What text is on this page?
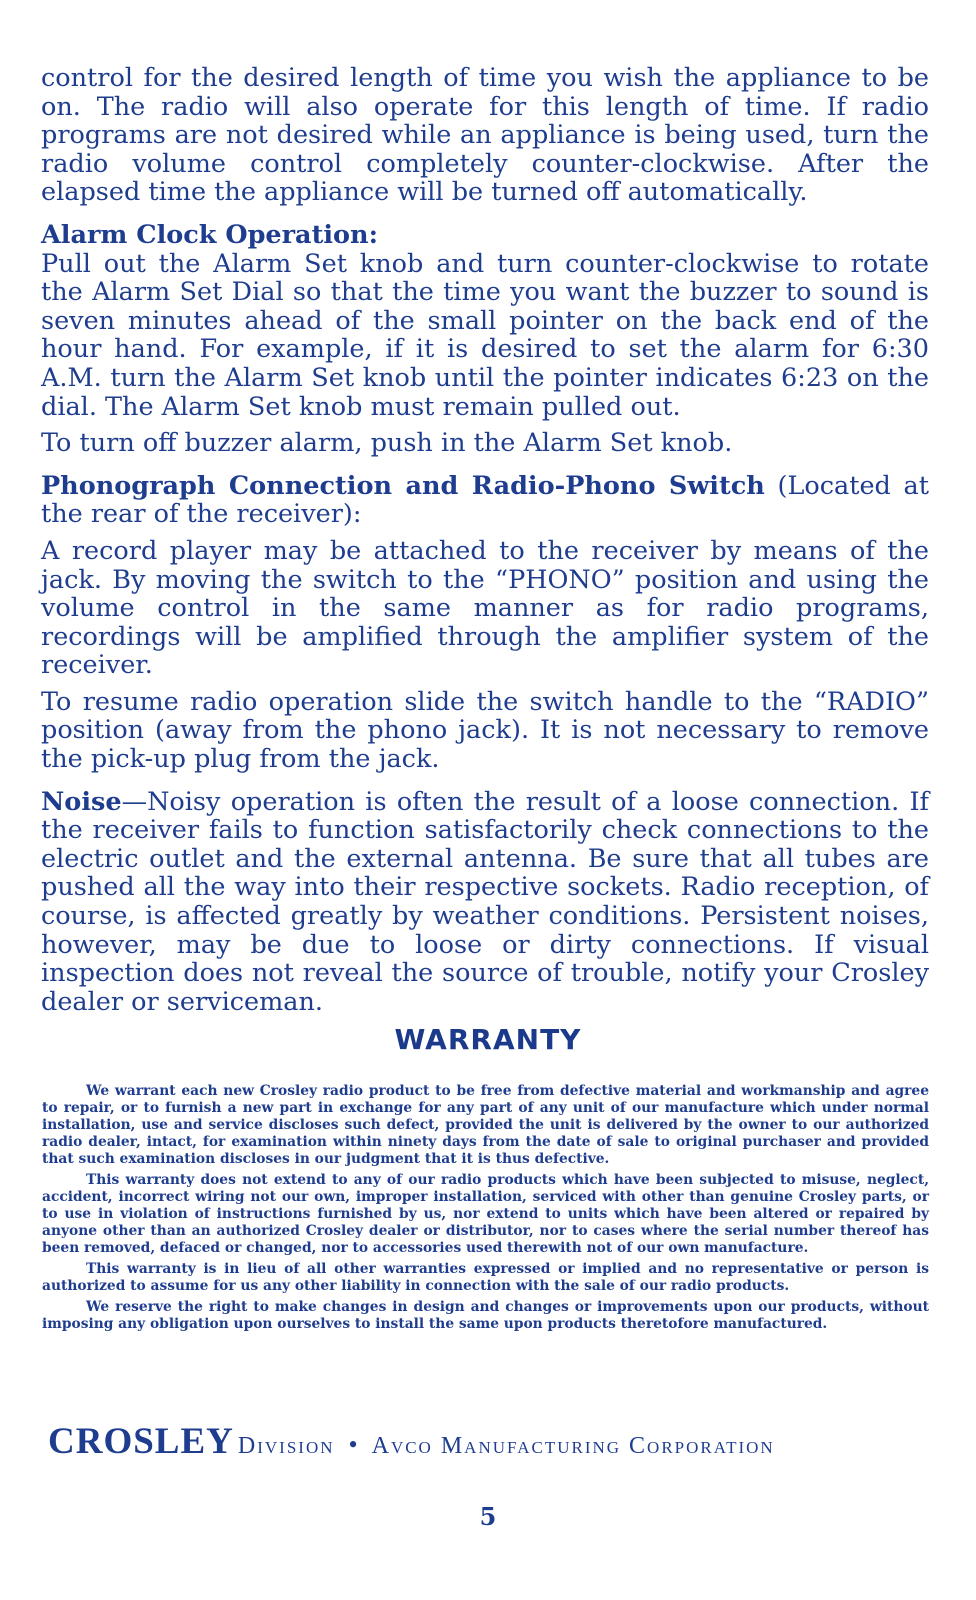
control for the desired length of time you wish the appliance to be on. The radio will also operate for this length of time. If radio programs are not desired while an appliance is being used, turn the radio volume control completely counter-clockwise. After the elapsed time the appliance will be turned off automatically.

Alarm Clock Operation:

Pull out the Alarm Set knob and turn counter-clockwise to rotate the Alarm Set Dial so that the time you want the buzzer to sound is seven minutes ahead of the small pointer on the back end of the hour hand. For example, if it is desired to set the alarm for 6:30 A.M. turn the Alarm Set knob until the pointer indicates 6:23 on the dial. The Alarm Set knob must remain pulled out.

To turn off buzzer alarm, push in the Alarm Set knob.

Phonograph Connection and Radio-Phono Switch (Located at the rear of the receiver):

A record player may be attached to the receiver by means of the jack. By moving the switch to the “PHONO” position and using the volume control in the same manner as for radio programs, recordings will be amplified through the amplifier system of the receiver.

To resume radio operation slide the switch handle to the “RADIO” position (away from the phono jack). It is not necessary to remove the pick-up plug from the jack.

Noise—Noisy operation is often the result of a loose connection. If the receiver fails to function satisfactorily check connections to the electric outlet and the external antenna. Be sure that all tubes are pushed all the way into their respective sockets. Radio reception, of course, is affected greatly by weather conditions. Persistent noises, however, may be due to loose or dirty connections. If visual inspection does not reveal the source of trouble, notify your Crosley dealer or serviceman.

WARRANTY

We warrant each new Crosley radio product to be free from defective material and workmanship and agree to repair, or to furnish a new part in exchange for any part of any unit of our manufacture which under normal installation, use and service discloses such defect, provided the unit is delivered by the owner to our authorized radio dealer, intact, for examination within ninety days from the date of sale to original purchaser and provided that such examination discloses in our judgment that it is thus defective.

This warranty does not extend to any of our radio products which have been subjected to misuse, neglect, accident, incorrect wiring not our own, improper installation, serviced with other than genuine Crosley parts, or to use in violation of instructions furnished by us, nor extend to units which have been altered or repaired by anyone other than an authorized Crosley dealer or distributor, nor to cases where the serial number thereof has been removed, defaced or changed, nor to accessories used therewith not of our own manufacture.

This warranty is in lieu of all other warranties expressed or implied and no representative or person is authorized to assume for us any other liability in connection with the sale of our radio products.

We reserve the right to make changes in design and changes or improvements upon our products, without imposing any obligation upon ourselves to install the same upon products theretofore manufactured.

CROSLEY Division • Avco Manufacturing Corporation
5
